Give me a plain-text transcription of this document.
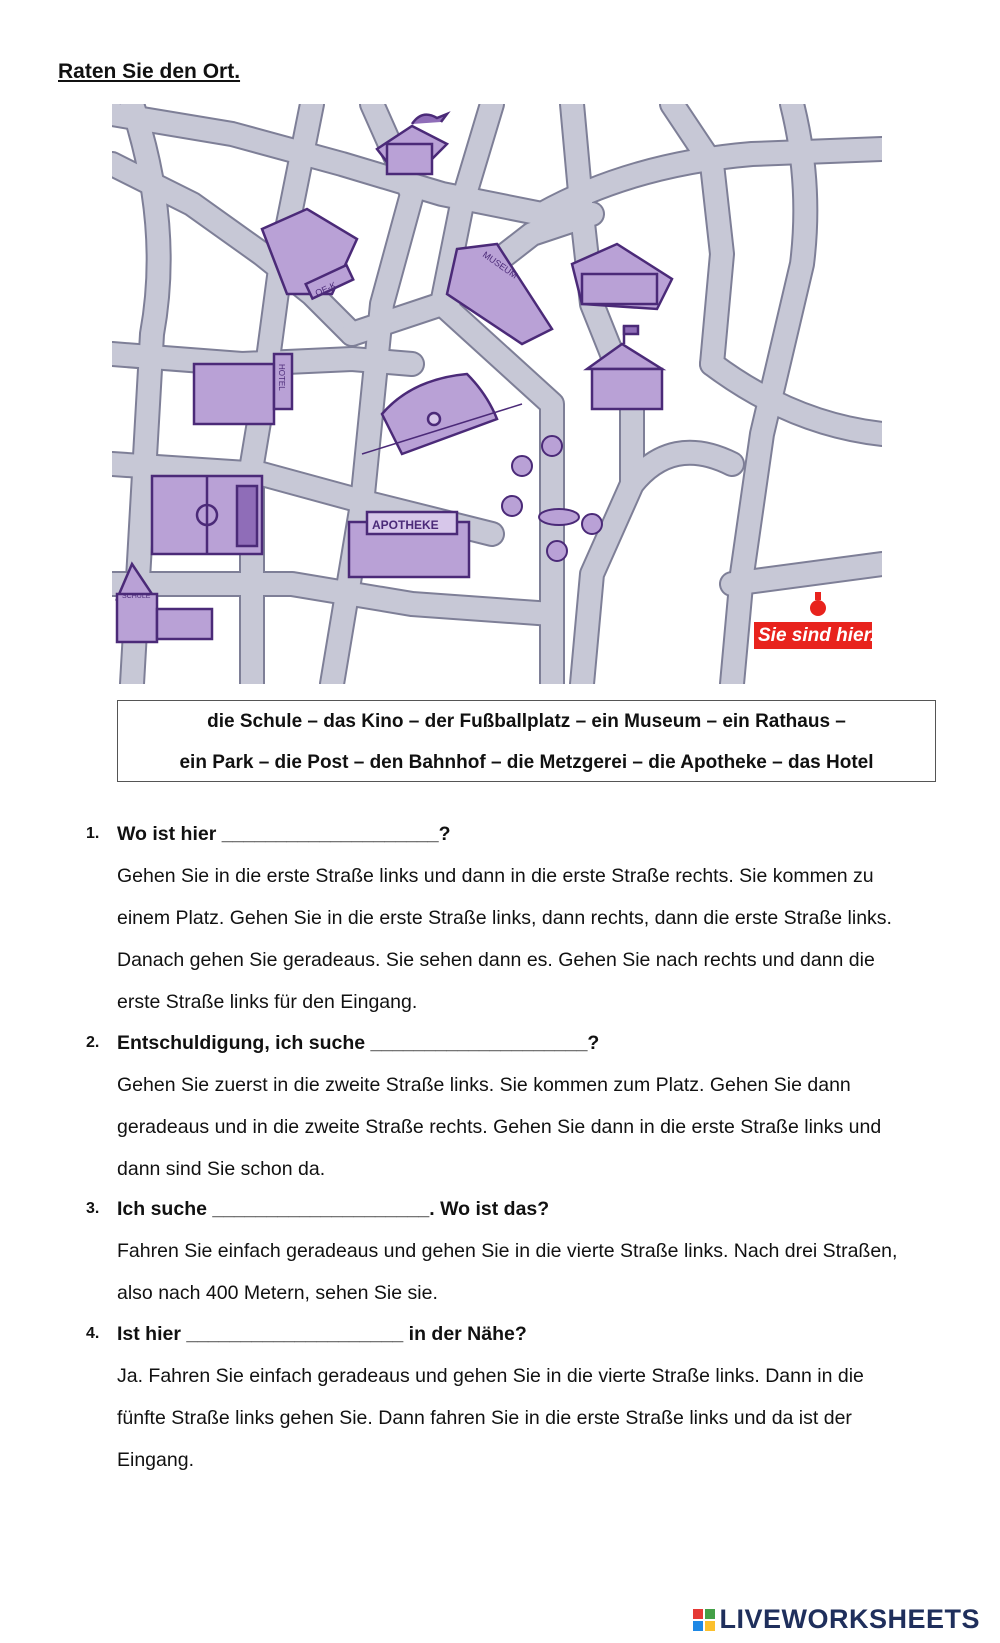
Raten Sie den Ort.
OE-K
MUSEUM
HOTEL
APOTHEKE
SCHULE
Sie sind hier.
die Schule – das Kino – der Fußballplatz – ein Museum – ein Rathaus –
ein Park – die Post – den Bahnhof – die Metzgerei – die Apotheke – das Hotel
1. Wo ist hier ____________________?
Gehen Sie in die erste Straße links und dann in die erste Straße rechts. Sie kommen zu
einem Platz. Gehen Sie in die erste Straße links, dann rechts, dann die erste Straße links.
Danach gehen Sie geradeaus. Sie sehen dann es. Gehen Sie nach rechts und dann die
erste Straße links für den Eingang.
2. Entschuldigung, ich suche ____________________?
Gehen Sie zuerst in die zweite Straße links. Sie kommen zum Platz. Gehen Sie dann
geradeaus und in die zweite Straße rechts. Gehen Sie dann in die erste Straße links und
dann sind Sie schon da.
3. Ich suche ____________________. Wo ist das?
Fahren Sie einfach geradeaus und gehen Sie in die vierte Straße links. Nach drei Straßen,
also nach 400 Metern, sehen Sie sie.
4. Ist hier ____________________ in der Nähe?
Ja. Fahren Sie einfach geradeaus und gehen Sie in die vierte Straße links. Dann in die
fünfte Straße links gehen Sie. Dann fahren Sie in die erste Straße links und da ist der
Eingang.
LIVEWORKSHEETS
